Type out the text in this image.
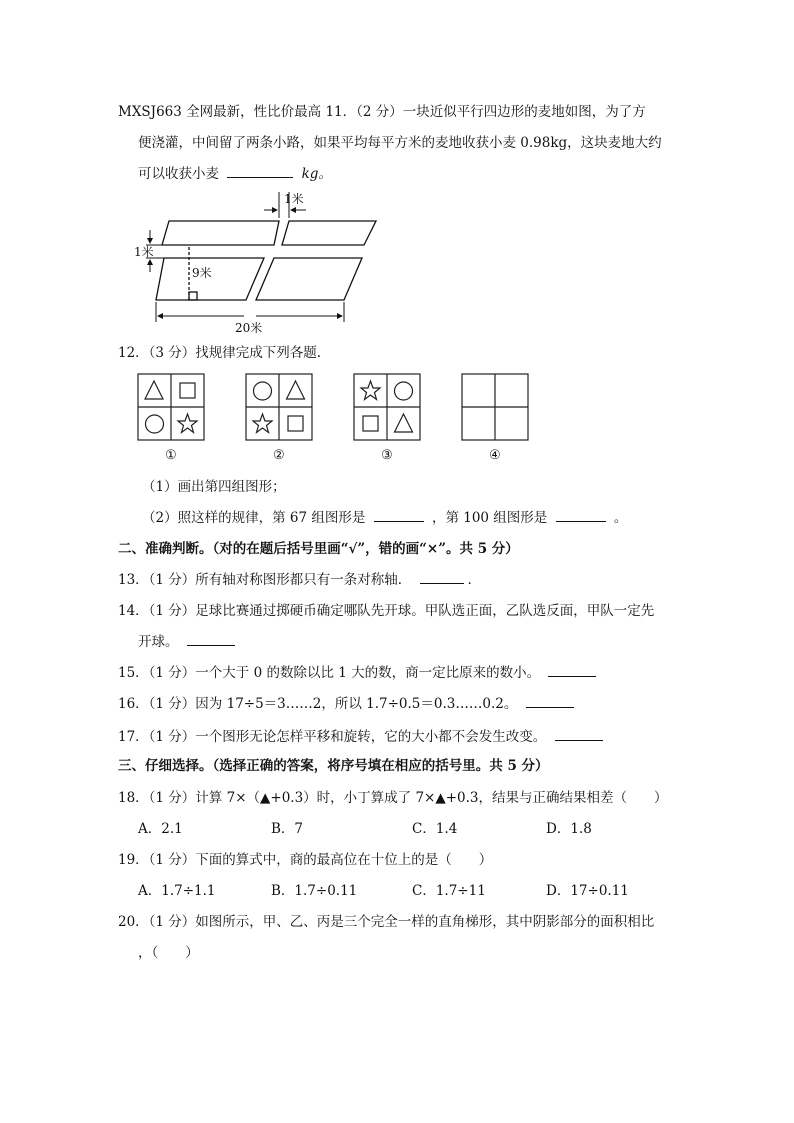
MXSJ663 全网最新，性比价最高 11．（2 分）一块近似平行四边形的麦地如图，为了方
便浇灌，中间留了两条小路，如果平均每平方米的麦地收获小麦 0.98kg，这块麦地大约
可以收获小麦	kg。
1米
1米
9米
20米
12．（3 分）找规律完成下列各题.
①	②	③	④
（1）画出第四组图形；
（2）照这样的规律，第 67 组图形是	，第 100 组图形是	。
二、准确判断。（对的在题后括号里画“√”，错的画“×”。共 5 分）
13．（1 分）所有轴对称图形都只有一条对称轴．	．
14．（1 分）足球比赛通过掷硬币确定哪队先开球。甲队选正面，乙队选反面，甲队一定先
开球。
15．（1 分）一个大于 0 的数除以比 1 大的数，商一定比原来的数小。
16．（1 分）因为 17÷5＝3……2，所以 1.7÷0.5＝0.3……0.2。
17．（1 分）一个图形无论怎样平移和旋转，它的大小都不会发生改变。
三、仔细选择。（选择正确的答案，将序号填在相应的括号里。共 5 分）
18．（1 分）计算 7×（▲+0.3）时，小丁算成了 7×▲+0.3，结果与正确结果相差（　　）
A．2.1	B．7	C．1.4	D．1.8
19．（1 分）下面的算式中，商的最高位在十位上的是（　　）
A．1.7÷1.1	B．1.7÷0.11	C．1.7÷11	D．17÷0.11
20．（1 分）如图所示，甲、乙、丙是三个完全一样的直角梯形，其中阴影部分的面积相比
，（　　）
